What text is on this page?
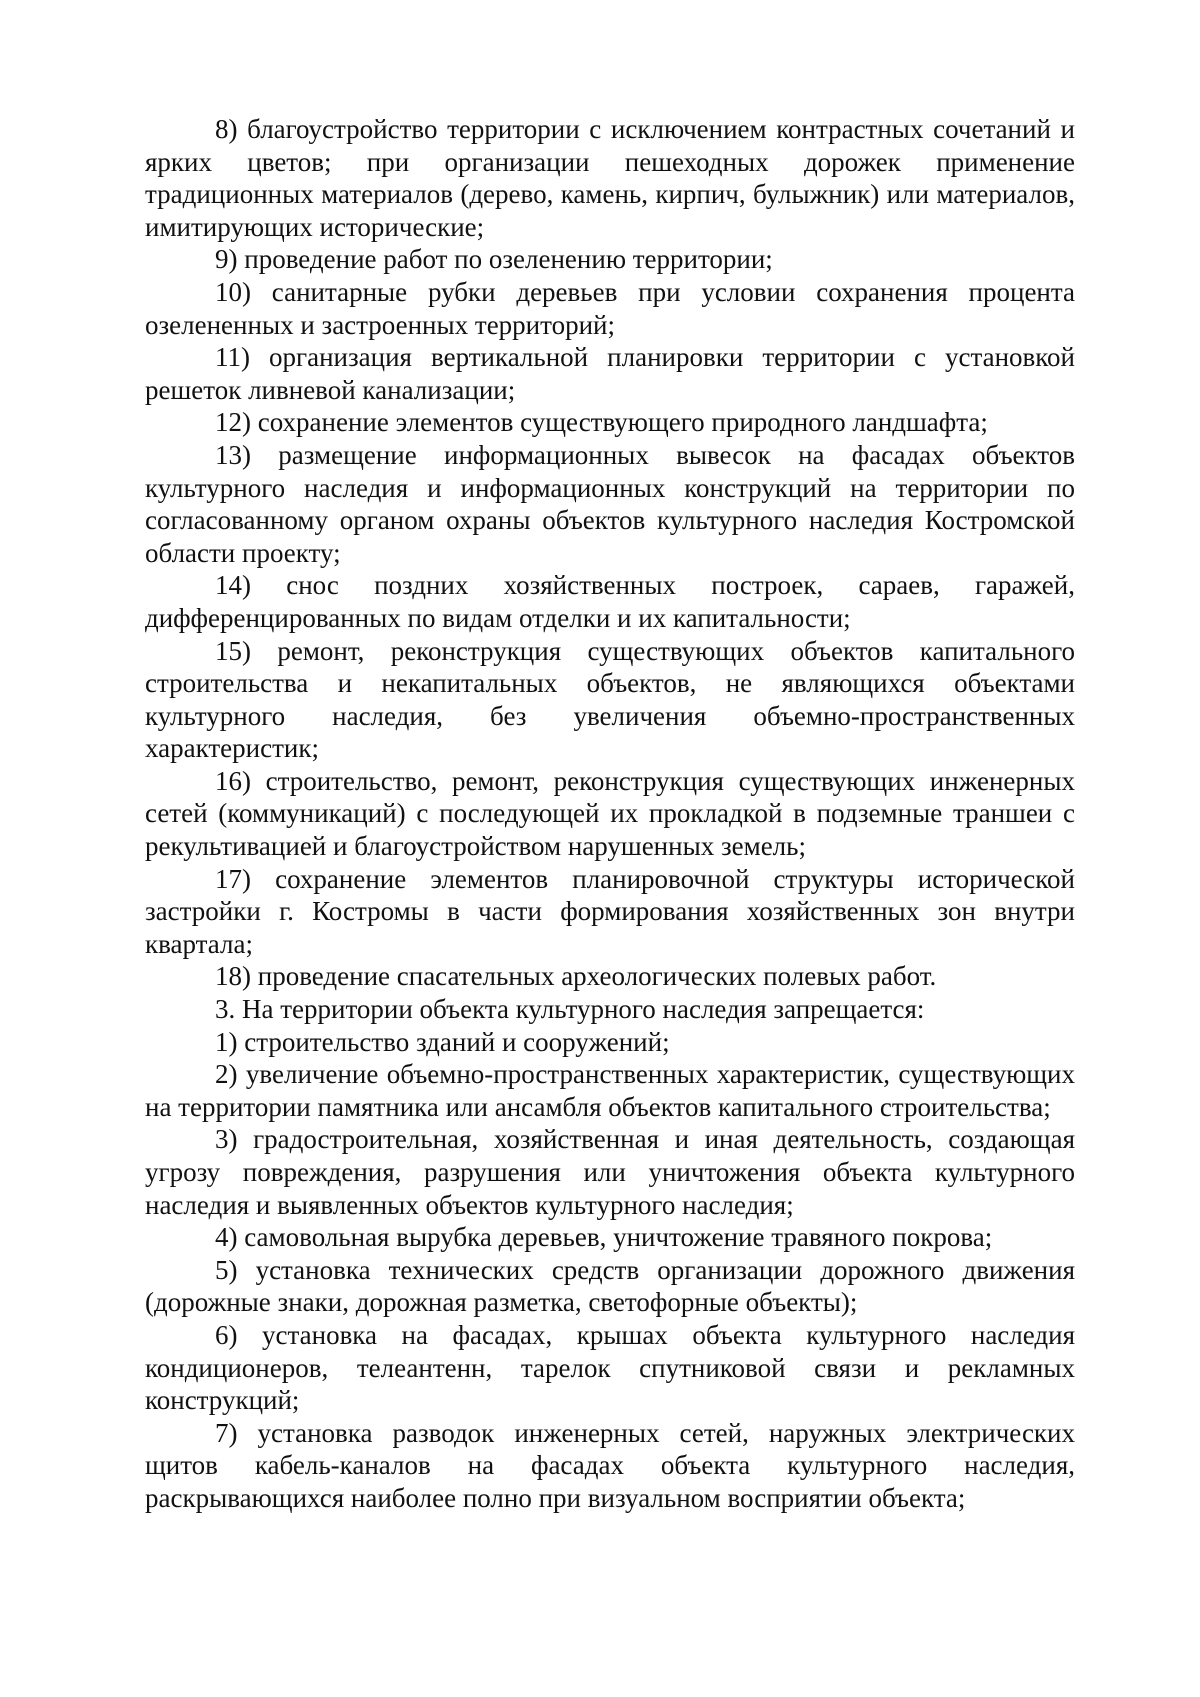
8) благоустройство территории с исключением контрастных сочетаний и ярких цветов; при организации пешеходных дорожек применение традиционных материалов (дерево, камень, кирпич, булыжник) или материалов, имитирующих исторические;

9) проведение работ по озеленению территории;

10) санитарные рубки деревьев при условии сохранения процента озелененных и застроенных территорий;

11) организация вертикальной планировки территории с установкой решеток ливневой канализации;

12) сохранение элементов существующего природного ландшафта;

13) размещение информационных вывесок на фасадах объектов культурного наследия и информационных конструкций на территории по согласованному органом охраны объектов культурного наследия Костромской области проекту;

14) снос поздних хозяйственных построек, сараев, гаражей, дифференцированных по видам отделки и их капитальности;

15) ремонт, реконструкция существующих объектов капитального строительства и некапитальных объектов, не являющихся объектами культурного наследия, без увеличения объемно-пространственных характеристик;

16) строительство, ремонт, реконструкция существующих инженерных сетей (коммуникаций) с последующей их прокладкой в подземные траншеи с рекультивацией и благоустройством нарушенных земель;

17) сохранение элементов планировочной структуры исторической застройки г. Костромы в части формирования хозяйственных зон внутри квартала;

18) проведение спасательных археологических полевых работ.

3. На территории объекта культурного наследия запрещается:

1) строительство зданий и сооружений;

2) увеличение объемно-пространственных характеристик, существующих на территории памятника или ансамбля объектов капитального строительства;

3) градостроительная, хозяйственная и иная деятельность, создающая угрозу повреждения, разрушения или уничтожения объекта культурного наследия и выявленных объектов культурного наследия;

4) самовольная вырубка деревьев, уничтожение травяного покрова;

5) установка технических средств организации дорожного движения (дорожные знаки, дорожная разметка, светофорные объекты);

6) установка на фасадах, крышах объекта культурного наследия кондиционеров, телеантенн, тарелок спутниковой связи и рекламных конструкций;

7) установка разводок инженерных сетей, наружных электрических щитов кабель-каналов на фасадах объекта культурного наследия, раскрывающихся наиболее полно при визуальном восприятии объекта;
